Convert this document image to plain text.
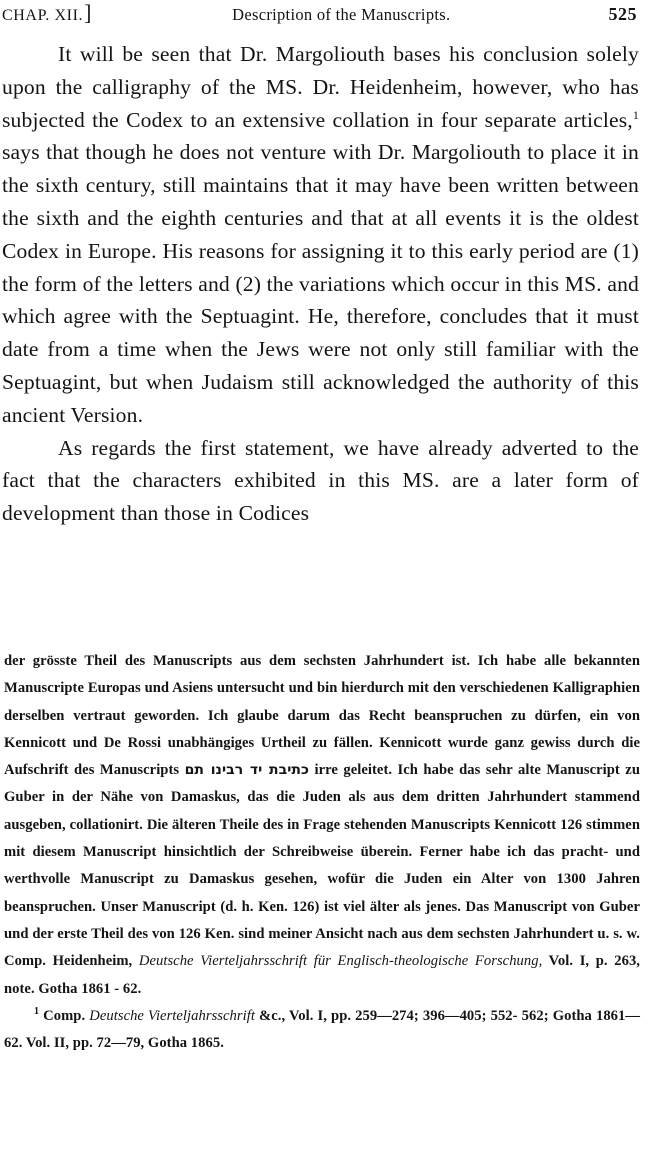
CHAP. XII.]	Description of the Manuscripts.	525

It will be seen that Dr. Margoliouth bases his conclusion solely upon the calligraphy of the MS. Dr. Heidenheim, however, who has subjected the Codex to an extensive collation in four separate articles,$^1$ says that though he does not venture with Dr. Margoliouth to place it in the sixth century, still maintains that it may have been written between the sixth and the eighth centuries and that at all events it is the oldest Codex in Europe. His reasons for assigning it to this early period are (1) the form of the letters and (2) the variations which occur in this MS. and which agree with the Septuagint. He, therefore, concludes that it must date from a time when the Jews were not only still familiar with the Septuagint, but when Judaism still acknowledged the authority of this ancient Version.

As regards the first statement, we have already adverted to the fact that the characters exhibited in this MS. are a later form of development than those in Codices

der grösste Theil des Manuscripts aus dem sechsten Jahrhundert ist. Ich habe alle bekannten Manuscripte Europas und Asiens untersucht und bin hierdurch mit den verschiedenen Kalligraphien derselben vertraut geworden. Ich glaube darum das Recht beanspruchen zu dürfen, ein von Kennicott und De Rossi unabhängiges Urtheil zu fällen. Kennicott wurde ganz gewiss durch die Aufschrift des Manuscripts כתיבת יד רבינו תם irre geleitet. Ich habe das sehr alte Manuscript zu Guber in der Nähe von Damaskus, das die Juden als aus dem dritten Jahrhundert stammend ausgeben, collationirt. Die älteren Theile des in Frage stehenden Manuscripts Kennicott 126 stimmen mit diesem Manuscript hinsichtlich der Schreibweise überein. Ferner habe ich das pracht- und werthvolle Manuscript zu Damaskus gesehen, wofür die Juden ein Alter von 1300 Jahren beanspruchen. Unser Manuscript (d. h. Ken. 126) ist viel älter als jenes. Das Manuscript von Guber und der erste Theil des von 126 Ken. sind meiner Ansicht nach aus dem sechsten Jahrhundert u. s. w. Comp. Heidenheim, Deutsche Vierteljahrsschrift für Englisch-theologische Forschung, Vol. I, p. 263, note. Gotha 1861 - 62.

$^1$ Comp. Deutsche Vierteljahrsschrift &c., Vol. I, pp. 259—274; 396—405; 552- 562; Gotha 1861—62. Vol. II, pp. 72—79, Gotha 1865.
